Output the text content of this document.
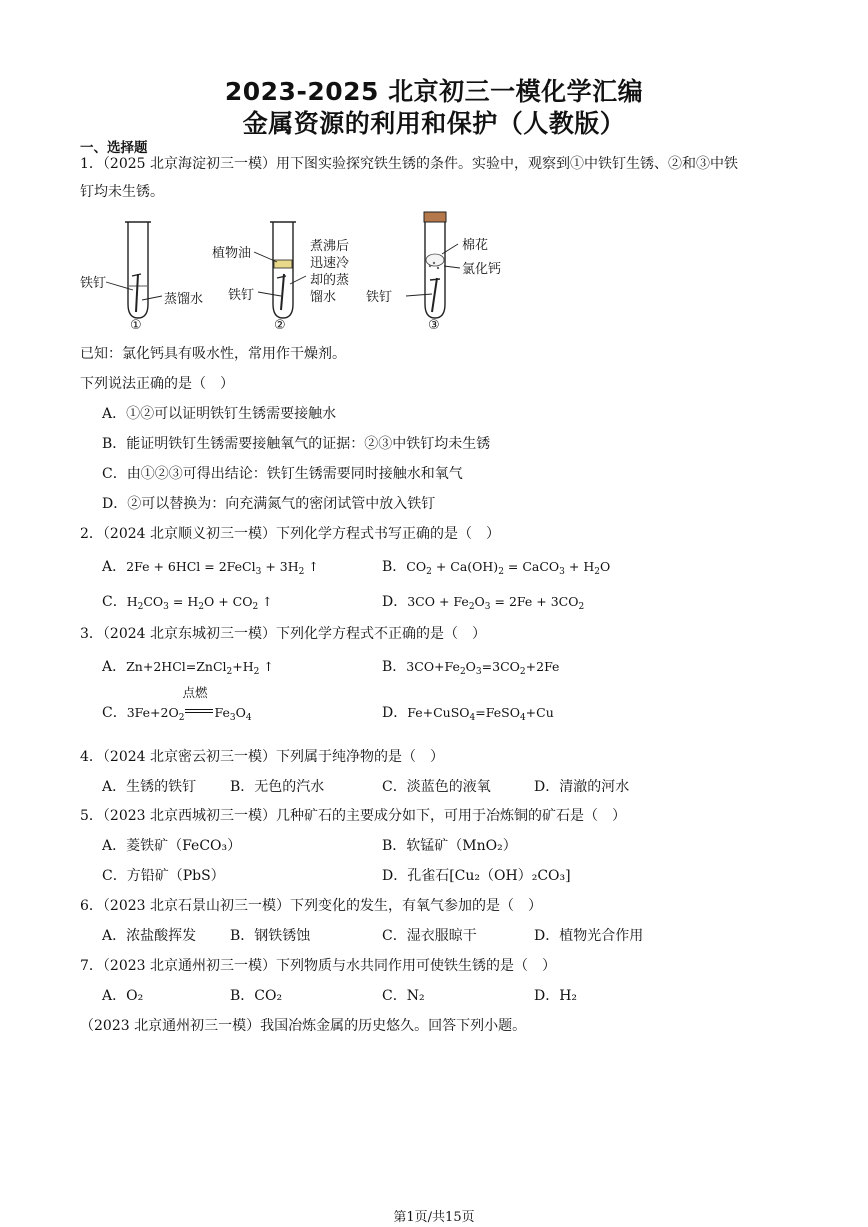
2023-2025 北京初三一模化学汇编
金属资源的利用和保护（人教版）
一、选择题
1．（2025 北京海淀初三一模）用下图实验探究铁生锈的条件。实验中，观察到①中铁钉生锈、②和③中铁
钉均未生锈。
铁钉
蒸馏水
①
植物油	煮沸后
迅速冷
却的蒸
馏水
铁钉
②
棉花
氯化钙
铁钉
③
已知：氯化钙具有吸水性，常用作干燥剂。
下列说法正确的是（　）
A．①②可以证明铁钉生锈需要接触水
B．能证明铁钉生锈需要接触氧气的证据：②③中铁钉均未生锈
C．由①②③可得出结论：铁钉生锈需要同时接触水和氧气
D．②可以替换为：向充满氮气的密闭试管中放入铁钉
2．（2024 北京顺义初三一模）下列化学方程式书写正确的是（　）
A．2Fe + 6HCl = 2FeCl$_3$ + $3H_2$ ↑	B．$CO_2 + Ca(OH)_2$ = CaCO$_3$ + $H_2O$
C．$H_2CO_3 = H_2O + CO_2$ ↑	D．$3CO + Fe_2O_3 = 2Fe + 3CO_2$
3．（2024 北京东城初三一模）下列化学方程式不正确的是（　）
A．$Zn+2HCl=ZnCl_2+H_2$ ↑	B．$3CO+Fe_2O_3=3CO_2+2Fe$
C．$3Fe+2O_2$
点燃
$Fe_3O_4$	D．Fe+CuSO$_4$=FeSO$_4$+Cu
4．（2024 北京密云初三一模）下列属于纯净物的是（　）
A．生锈的铁钉 B．无色的汽水	C．淡蓝色的液氧	D．清澈的河水
5．（2023 北京西城初三一模）几种矿石的主要成分如下，可用于冶炼铜的矿石是（　）
A．菱铁矿（FeCO₃）	B．软锰矿（MnO₂）
C．方铅矿（PbS）	D．孔雀石[Cu₂（OH）₂CO₃]
6．（2023 北京石景山初三一模）下列变化的发生，有氧气参加的是（　）
A．浓盐酸挥发 B．钢铁锈蚀	C．湿衣服晾干	D．植物光合作用
7．（2023 北京通州初三一模）下列物质与水共同作用可使铁生锈的是（　）
A．O₂	B．CO₂	C．N₂	D．H₂
（2023 北京通州初三一模）我国冶炼金属的历史悠久。回答下列小题。
第1页/共15页
